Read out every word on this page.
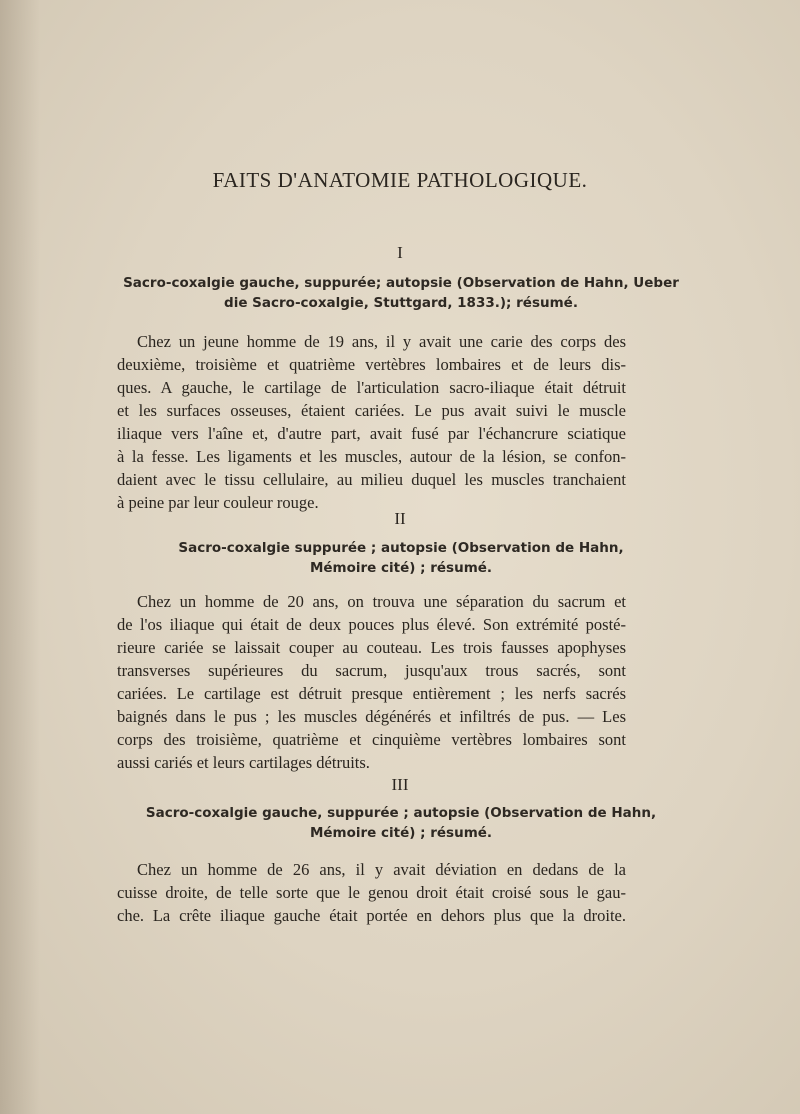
FAITS D'ANATOMIE PATHOLOGIQUE.
I
Sacro-coxalgie gauche, suppurée; autopsie (Observation de Hahn, Ueber
die Sacro-coxalgie, Stuttgard, 1833.); résumé.
Chez un jeune homme de 19 ans, il y avait une carie des corps des
deuxième, troisième et quatrième vertèbres lombaires et de leurs dis-
ques. A gauche, le cartilage de l'articulation sacro-iliaque était détruit
et les surfaces osseuses, étaient cariées. Le pus avait suivi le muscle
iliaque vers l'aîne et, d'autre part, avait fusé par l'échancrure sciatique
à la fesse. Les ligaments et les muscles, autour de la lésion, se confon-
daient avec le tissu cellulaire, au milieu duquel les muscles tranchaient
à peine par leur couleur rouge.
II
Sacro-coxalgie suppurée ; autopsie (Observation de Hahn,
Mémoire cité) ; résumé.
Chez un homme de 20 ans, on trouva une séparation du sacrum et
de l'os iliaque qui était de deux pouces plus élevé. Son extrémité posté-
rieure cariée se laissait couper au couteau. Les trois fausses apophyses
transverses supérieures du sacrum, jusqu'aux trous sacrés, sont
cariées. Le cartilage est détruit presque entièrement ; les nerfs sacrés
baignés dans le pus ; les muscles dégénérés et infiltrés de pus. — Les
corps des troisième, quatrième et cinquième vertèbres lombaires sont
aussi cariés et leurs cartilages détruits.
III
Sacro-coxalgie gauche, suppurée ; autopsie (Observation de Hahn,
Mémoire cité) ; résumé.
Chez un homme de 26 ans, il y avait déviation en dedans de la
cuisse droite, de telle sorte que le genou droit était croisé sous le gau-
che. La crête iliaque gauche était portée en dehors plus que la droite.
